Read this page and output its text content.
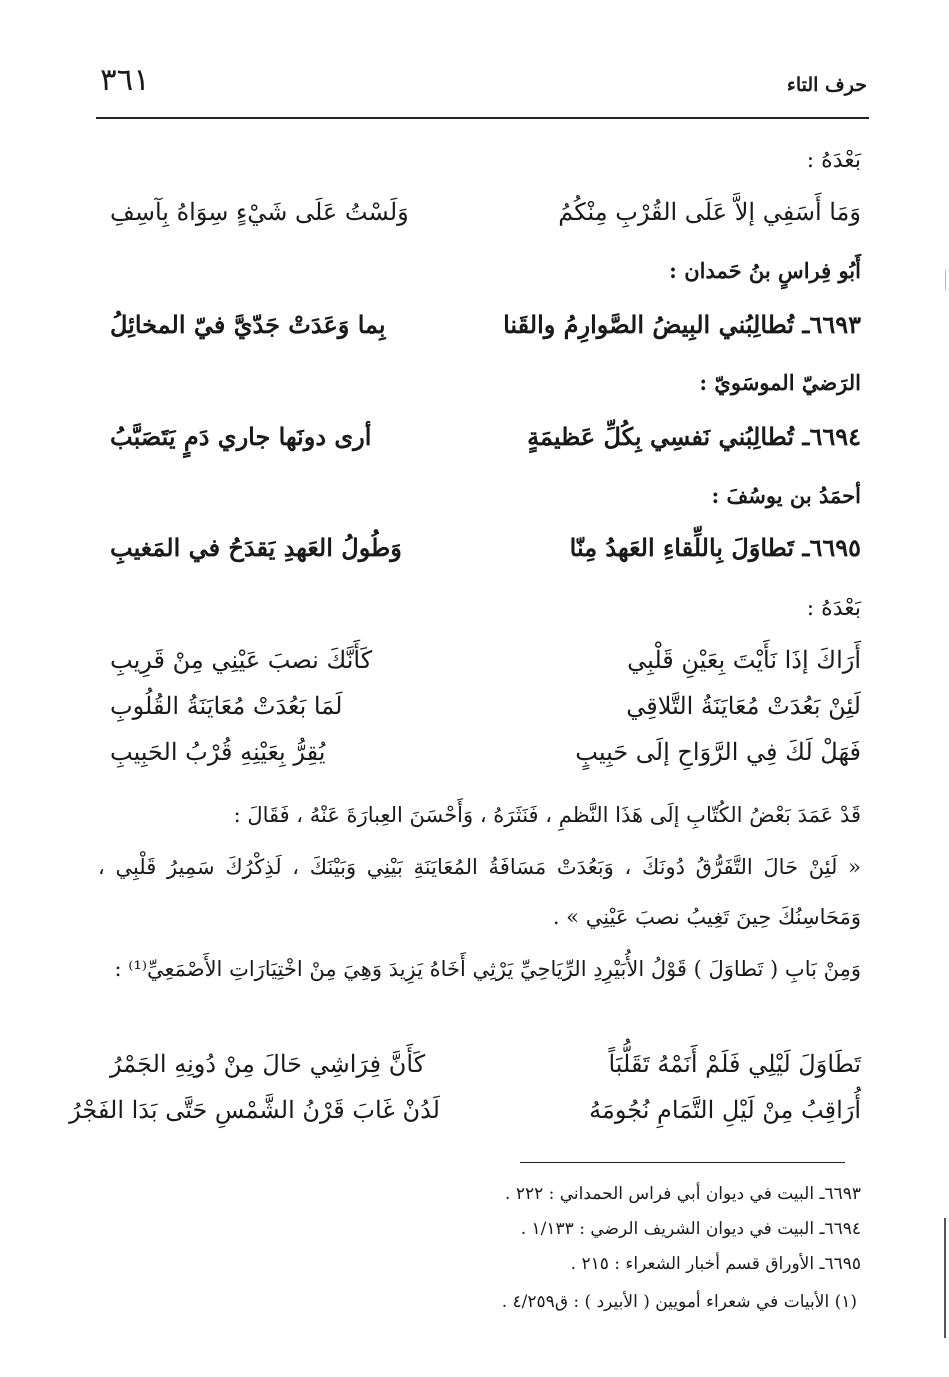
حرف التاء
٣٦١
بَعْدَهُ :
وَمَا أَسَفِي إلاَّ عَلَى القُرْبِ مِنْكُمُ
وَلَسْتُ عَلَى شَيْءٍ سِوَاهُ بِآسِفِ
أَبُو فِراسٍ بنُ حَمدان :
٦٦٩٣ـ تُطالِبُني البِيضُ الصَّوارِمُ والقَنا
بِما وَعَدَتْ جَدّيَّ فيّ المخائِلُ
الرَضيّ الموسَويّ :
٦٦٩٤ـ تُطالِبُني نَفسِي بِكُلِّ عَظيمَةٍ
أرى دونَها جاري دَمٍ يَتَصَبَّبُ
أحمَدُ بن يوسُفَ :
٦٦٩٥ـ تَطاوَلَ بِاللِّقاءِ العَهدُ مِنّا
وَطُولُ العَهدِ يَقدَحُ في المَغيبِ
بَعْدَهُ :
أَرَاكَ إذَا نَأَيْتَ بِعَيْنِ قَلْبِي
كَأَنَّكَ نصبَ عَيْنِي مِنْ قَرِيبِ
لَئِنْ بَعُدَتْ مُعَايَنَةُ التَّلاقِي
لَمَا بَعُدَتْ مُعَايَنَةُ القُلُوبِ
فَهَلْ لَكَ فِي الرَّوَاحِ إلَى حَبِيبٍ
يُقِرُّ بِعَيْنِهِ قُرْبُ الحَبِيبِ
قَدْ عَمَدَ بَعْضُ الكُتّابِ إلَى هَذَا النَّظمِ ، فَنَثَرَهُ ، وَأَحْسَنَ العِبارَةَ عَنْهُ ، فَقَالَ :
« لَئِنْ حَالَ التَّفَرُّقُ دُونَكَ ، وَبَعُدَتْ مَسَافَةُ المُعَايَنَةِ بَيْنِي وَبَيْنَكَ ، لَذِكْرُكَ سَمِيرُ قَلْبِي ، وَمَحَاسِنُكَ حِينَ تَغِيبُ نصبَ عَيْنِي » .
وَمِنْ بَابِ ( تَطاوَلَ ) قَوْلُ الأُبَيْرِدِ الرِّيَاحِيِّ يَرْثِي أَخَاهُ يَزِيدَ وَهِيَ مِنْ اخْتِيَارَاتِ الأَصْمَعِيِّ⁽¹⁾ :
تَطَاوَلَ لَيْلِي فَلَمْ أَنَمْهُ تَقَلُّبَاً
كَأَنَّ فِرَاشِي حَالَ مِنْ دُونِهِ الجَمْرُ
أُرَاقِبُ مِنْ لَيْلِ التَّمَامِ نُجُومَهُ
لَدُنْ غَابَ قَرْنُ الشَّمْسِ حَتَّى بَدَا الفَجْرُ
٦٦٩٣ـ البيت في ديوان أبي فراس الحمداني : ٢٢٢ .
٦٦٩٤ـ البيت في ديوان الشريف الرضي : ١/١٣٣ .
٦٦٩٥ـ الأوراق قسم أخبار الشعراء : ٢١٥ .
(١) الأبيات في شعراء أمويين ( الأبيرد ) : ق٤/٢٥٩ .
